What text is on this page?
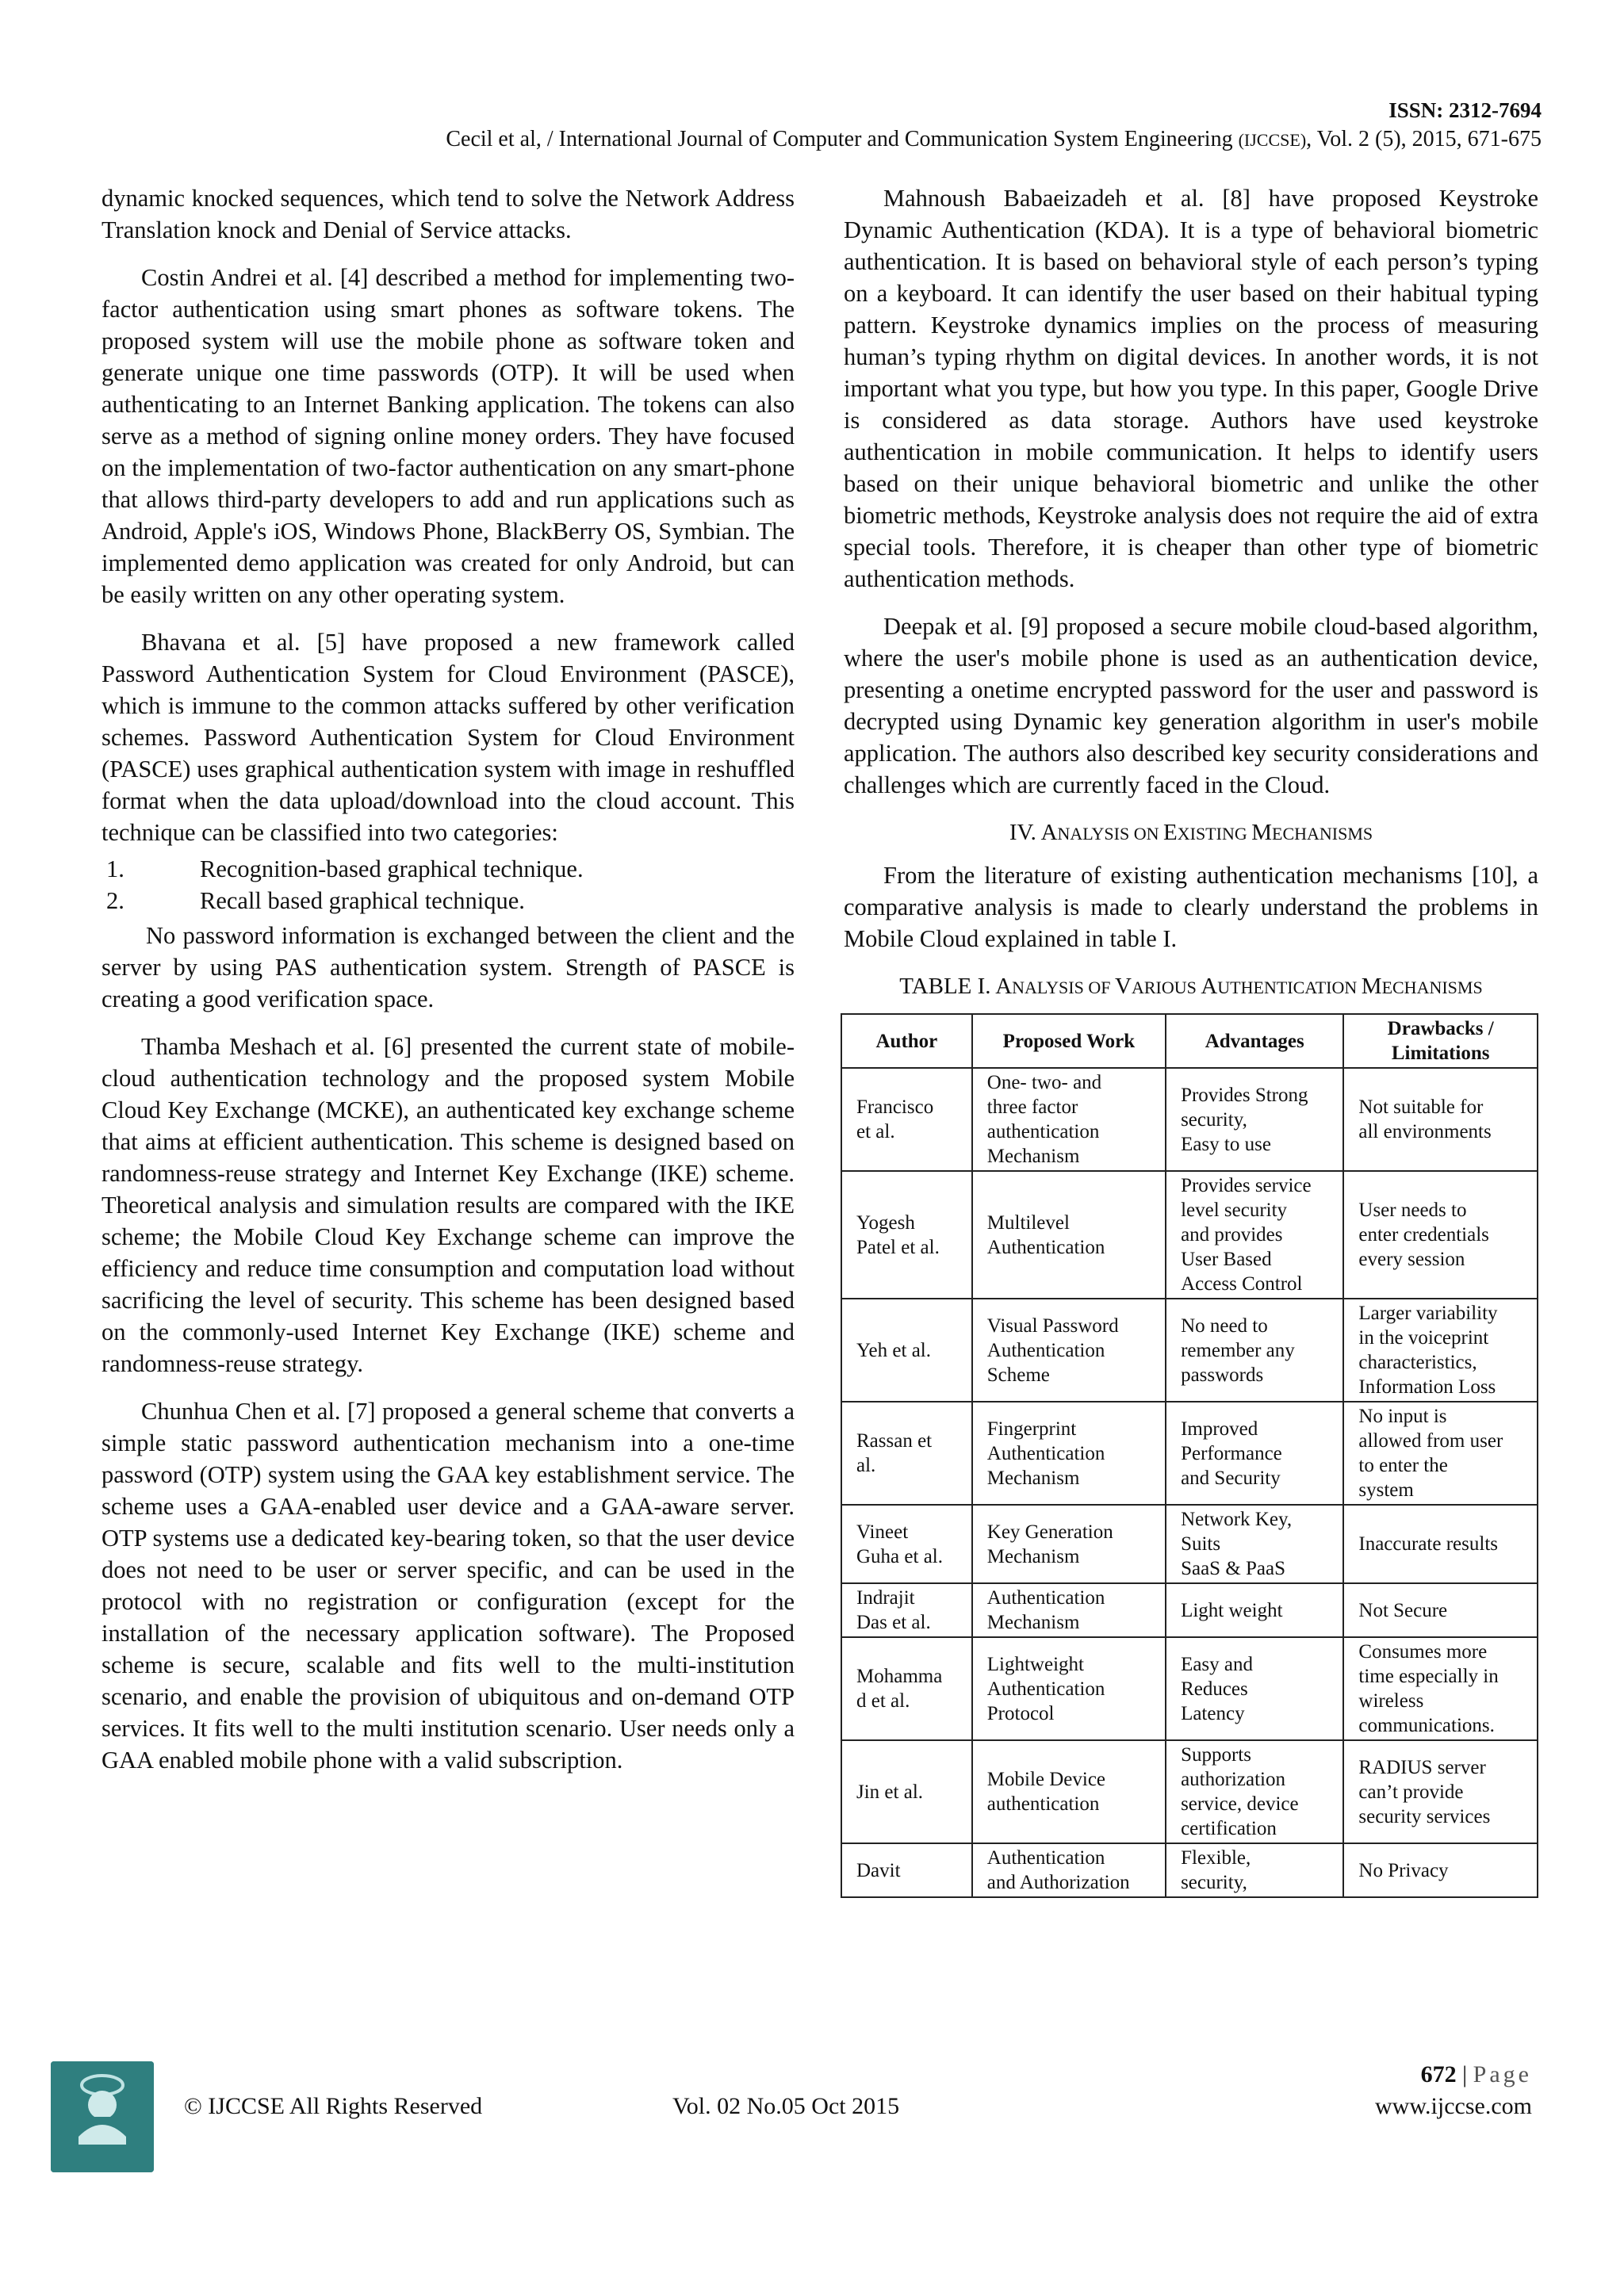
ISSN: 2312-7694
Cecil et al, / International Journal of Computer and Communication System Engineering (IJCCSE), Vol. 2 (5), 2015, 671-675

dynamic knocked sequences, which tend to solve the Network Address Translation knock and Denial of Service attacks.

Costin Andrei et al. [4] described a method for implementing two-factor authentication using smart phones as software tokens. The proposed system will use the mobile phone as software token and generate unique one time passwords (OTP). It will be used when authenticating to an Internet Banking application. The tokens can also serve as a method of signing online money orders. They have focused on the implementation of two-factor authentication on any smart-phone that allows third-party developers to add and run applications such as Android, Apple's iOS, Windows Phone, BlackBerry OS, Symbian. The implemented demo application was created for only Android, but can be easily written on any other operating system.

Bhavana et al. [5] have proposed a new framework called Password Authentication System for Cloud Environment (PASCE), which is immune to the common attacks suffered by other verification schemes. Password Authentication System for Cloud Environment (PASCE) uses graphical authentication system with image in reshuffled format when the data upload/download into the cloud account. This technique can be classified into two categories:

1.	Recognition-based graphical technique.
2.	Recall based graphical technique.

No password information is exchanged between the client and the server by using PAS authentication system. Strength of PASCE is creating a good verification space.

Thamba Meshach et al. [6] presented the current state of mobile-cloud authentication technology and the proposed system Mobile Cloud Key Exchange (MCKE), an authenticated key exchange scheme that aims at efficient authentication. This scheme is designed based on randomness-reuse strategy and Internet Key Exchange (IKE) scheme. Theoretical analysis and simulation results are compared with the IKE scheme; the Mobile Cloud Key Exchange scheme can improve the efficiency and reduce time consumption and computation load without sacrificing the level of security. This scheme has been designed based on the commonly-used Internet Key Exchange (IKE) scheme and randomness-reuse strategy.

Chunhua Chen et al. [7] proposed a general scheme that converts a simple static password authentication mechanism into a one-time password (OTP) system using the GAA key establishment service. The scheme uses a GAA-enabled user device and a GAA-aware server. OTP systems use a dedicated key-bearing token, so that the user device does not need to be user or server specific, and can be used in the protocol with no registration or configuration (except for the installation of the necessary application software). The Proposed scheme is secure, scalable and fits well to the multi-institution scenario, and enable the provision of ubiquitous and on-demand OTP services. It fits well to the multi institution scenario. User needs only a GAA enabled mobile phone with a valid subscription.

Mahnoush Babaeizadeh et al. [8] have proposed Keystroke Dynamic Authentication (KDA). It is a type of behavioral biometric authentication. It is based on behavioral style of each person’s typing on a keyboard. It can identify the user based on their habitual typing pattern. Keystroke dynamics implies on the process of measuring human’s typing rhythm on digital devices. In another words, it is not important what you type, but how you type. In this paper, Google Drive is considered as data storage. Authors have used keystroke authentication in mobile communication. It helps to identify users based on their unique behavioral biometric and unlike the other biometric methods, Keystroke analysis does not require the aid of extra special tools. Therefore, it is cheaper than other type of biometric authentication methods.

Deepak et al. [9] proposed a secure mobile cloud-based algorithm, where the user's mobile phone is used as an authentication device, presenting a onetime encrypted password for the user and password is decrypted using Dynamic key generation algorithm in user's mobile application. The authors also described key security considerations and challenges which are currently faced in the Cloud.

IV. ANALYSIS ON EXISTING MECHANISMS

From the literature of existing authentication mechanisms [10], a comparative analysis is made to clearly understand the problems in Mobile Cloud explained in table I.

TABLE I. ANALYSIS OF VARIOUS AUTHENTICATION MECHANISMS
Author	Proposed Work	Advantages	Drawbacks / Limitations

Francisco
et al.	One- two- and
three factor
authentication
Mechanism	Provides Strong
security,
Easy to use	Not suitable for
all environments

Yogesh
Patel et al.	Multilevel
Authentication	Provides service
level security
and provides
User Based
Access Control	User needs to
enter credentials
every session

Yeh et al.	Visual Password
Authentication
Scheme	No need to
remember any
passwords	Larger variability
in the voiceprint
characteristics,
Information Loss

Rassan et
al.	Fingerprint
Authentication
Mechanism	Improved
Performance
and Security	No input is
allowed from user
to enter the
system

Vineet
Guha et al.	Key Generation
Mechanism	Network Key,
Suits
SaaS & PaaS	Inaccurate results

Indrajit
Das et al.	Authentication
Mechanism	Light weight	Not Secure

Mohamma
d et al.	Lightweight
Authentication
Protocol	Easy and
Reduces
Latency	Consumes more
time especially in
wireless
communications.

Jin et al.	Mobile Device
authentication	Supports
authorization
service, device
certification	RADIUS server
can’t provide
security services

Davit	Authentication
and Authorization	Flexible,
security,	No Privacy
© IJCCSE All Rights Reserved	Vol. 02 No.05 Oct 2015
672 | Page
www.ijccse.com
